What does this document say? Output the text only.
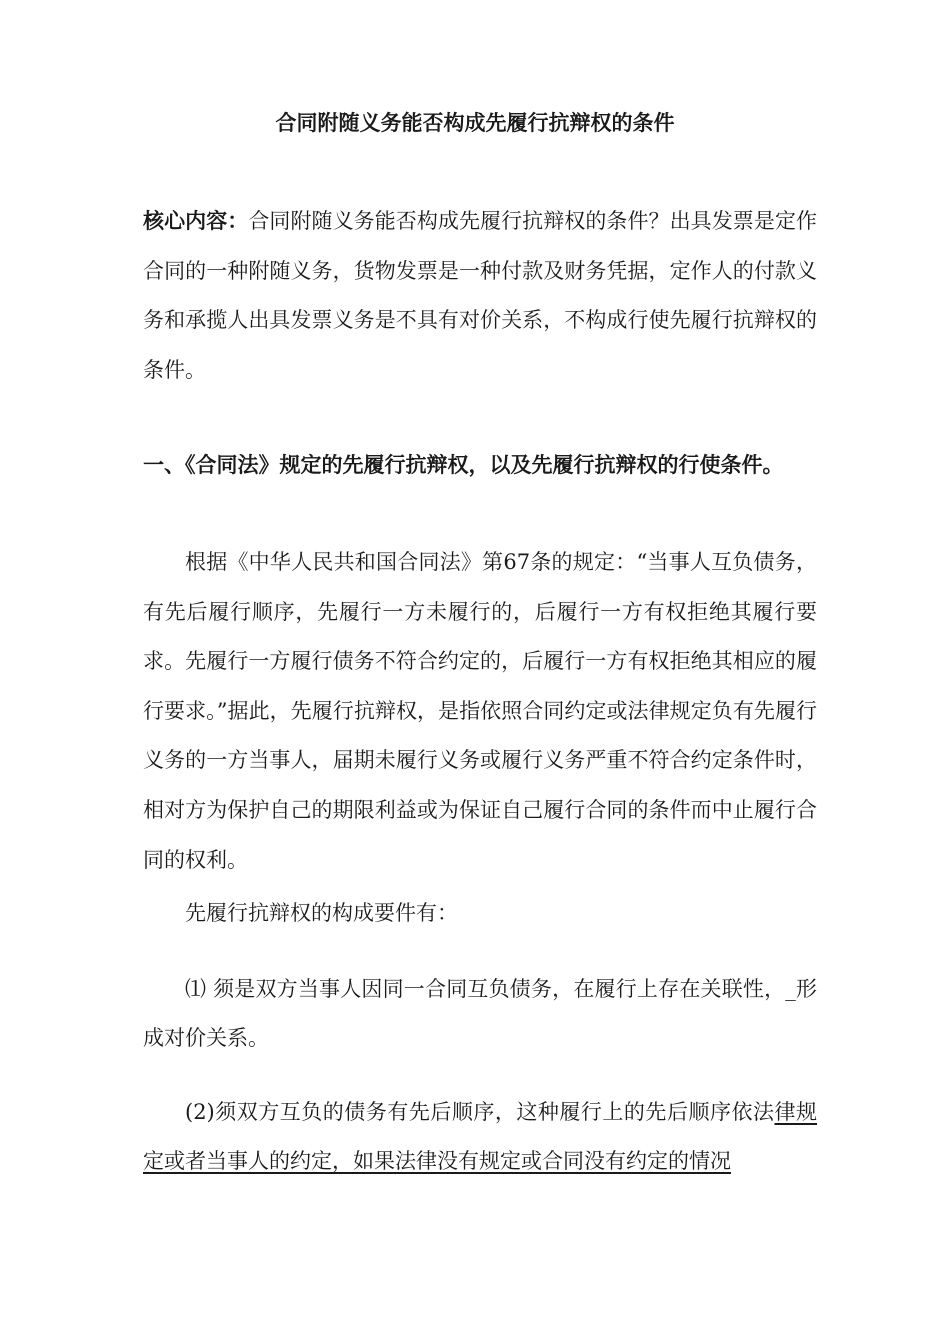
合同附随义务能否构成先履行抗辩权的条件

核心内容：合同附随义务能否构成先履行抗辩权的条件？出具发票是定作合同的一种附随义务，货物发票是一种付款及财务凭据，定作人的付款义务和承揽人出具发票义务是不具有对价关系，不构成行使先履行抗辩权的条件。

一、《合同法》规定的先履行抗辩权，以及先履行抗辩权的行使条件。

根据《中华人民共和国合同法》第67条的规定：“当事人互负债务，有先后履行顺序，先履行一方未履行的，后履行一方有权拒绝其履行要求。先履行一方履行债务不符合约定的，后履行一方有权拒绝其相应的履行要求。”据此，先履行抗辩权，是指依照合同约定或法律规定负有先履行义务的一方当事人，届期未履行义务或履行义务严重不符合约定条件时，相对方为保护自己的期限利益或为保证自己履行合同的条件而中止履行合同的权利。

先履行抗辩权的构成要件有：

⑴ 须是双方当事人因同一合同互负债务，在履行上存在关联性，_形成对价关系。

(2)须双方互负的债务有先后顺序，这种履行上的先后顺序依法律规定或者当事人的约定，如果法律没有规定或合同没有约定的情况
